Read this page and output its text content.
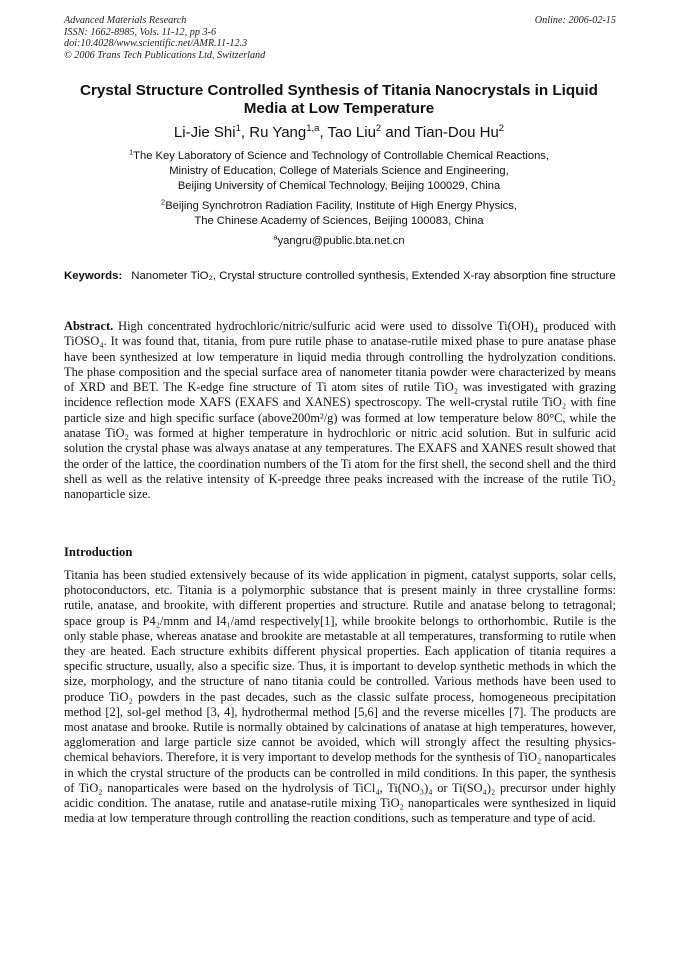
Advanced Materials Research
ISSN: 1662-8985, Vols. 11-12, pp 3-6
doi:10.4028/www.scientific.net/AMR.11-12.3
© 2006 Trans Tech Publications Ltd, Switzerland
Online: 2006-02-15
Crystal Structure Controlled Synthesis of Titania Nanocrystals in Liquid
Media at Low Temperature
Li-Jie Shi$^1$, Ru Yang$^{1,a}$, Tao Liu$^2$ and Tian-Dou Hu$^2$
$^1$The Key Laboratory of Science and Technology of Controllable Chemical Reactions,
Ministry of Education, College of Materials Science and Engineering,
Beijing University of Chemical Technology, Beijing 100029, China
$^2$Beijing Synchrotron Radiation Facility, Institute of High Energy Physics,
The Chinese Academy of Sciences, Beijing 100083, China
$^a$yangru@public.bta.net.cn
Keywords: Nanometer TiO₂, Crystal structure controlled synthesis, Extended X-ray absorption fine structure
Abstract. High concentrated hydrochloric/nitric/sulfuric acid were used to dissolve Ti(OH)₄ produced with TiOSO₄. It was found that, titania, from pure rutile phase to anatase-rutile mixed phase to pure anatase phase have been synthesized at low temperature in liquid media through controlling the hydrolyzation conditions. The phase composition and the special surface area of nanometer titania powder were characterized by means of XRD and BET. The K-edge fine structure of Ti atom sites of rutile TiO₂ was investigated with grazing incidence reflection mode XAFS (EXAFS and XANES) spectroscopy. The well-crystal rutile TiO₂ with fine particle size and high specific surface (above200m²/g) was formed at low temperature below 80°C, while the anatase TiO₂ was formed at higher temperature in hydrochloric or nitric acid solution. But in sulfuric acid solution the crystal phase was always anatase at any temperatures. The EXAFS and XANES result showed that the order of the lattice, the coordination numbers of the Ti atom for the first shell, the second shell and the third shell as well as the relative intensity of K-preedge three peaks increased with the increase of the rutile TiO₂ nanoparticle size.
Introduction
Titania has been studied extensively because of its wide application in pigment, catalyst supports, solar cells, photoconductors, etc. Titania is a polymorphic substance that is present mainly in three crystalline forms: rutile, anatase, and brookite, with different properties and structure. Rutile and anatase belong to tetragonal; space group is P4₂/mnm and I4₁/amd respectively[1], while brookite belongs to orthorhombic. Rutile is the only stable phase, whereas anatase and brookite are metastable at all temperatures, transforming to rutile when they are heated. Each structure exhibits different physical properties. Each application of titania requires a specific structure, usually, also a specific size. Thus, it is important to develop synthetic methods in which the size, morphology, and the structure of nano titania could be controlled. Various methods have been used to produce TiO₂ powders in the past decades, such as the classic sulfate process, homogeneous precipitation method [2], sol-gel method [3, 4], hydrothermal method [5,6] and the reverse micelles [7]. The products are most anatase and brooke. Rutile is normally obtained by calcinations of anatase at high temperatures, however, agglomeration and large particle size cannot be avoided, which will strongly affect the resulting physics-chemical behaviors. Therefore, it is very important to develop methods for the synthesis of TiO₂ nanoparticales in which the crystal structure of the products can be controlled in mild conditions. In this paper, the synthesis of TiO₂ nanoparticales were based on the hydrolysis of TiCl₄, Ti(NO₃)₄ or Ti(SO₄)₂ precursor under highly acidic condition. The anatase, rutile and anatase-rutile mixing TiO₂ nanoparticales were synthesized in liquid media at low temperature through controlling the reaction conditions, such as temperature and type of acid.
